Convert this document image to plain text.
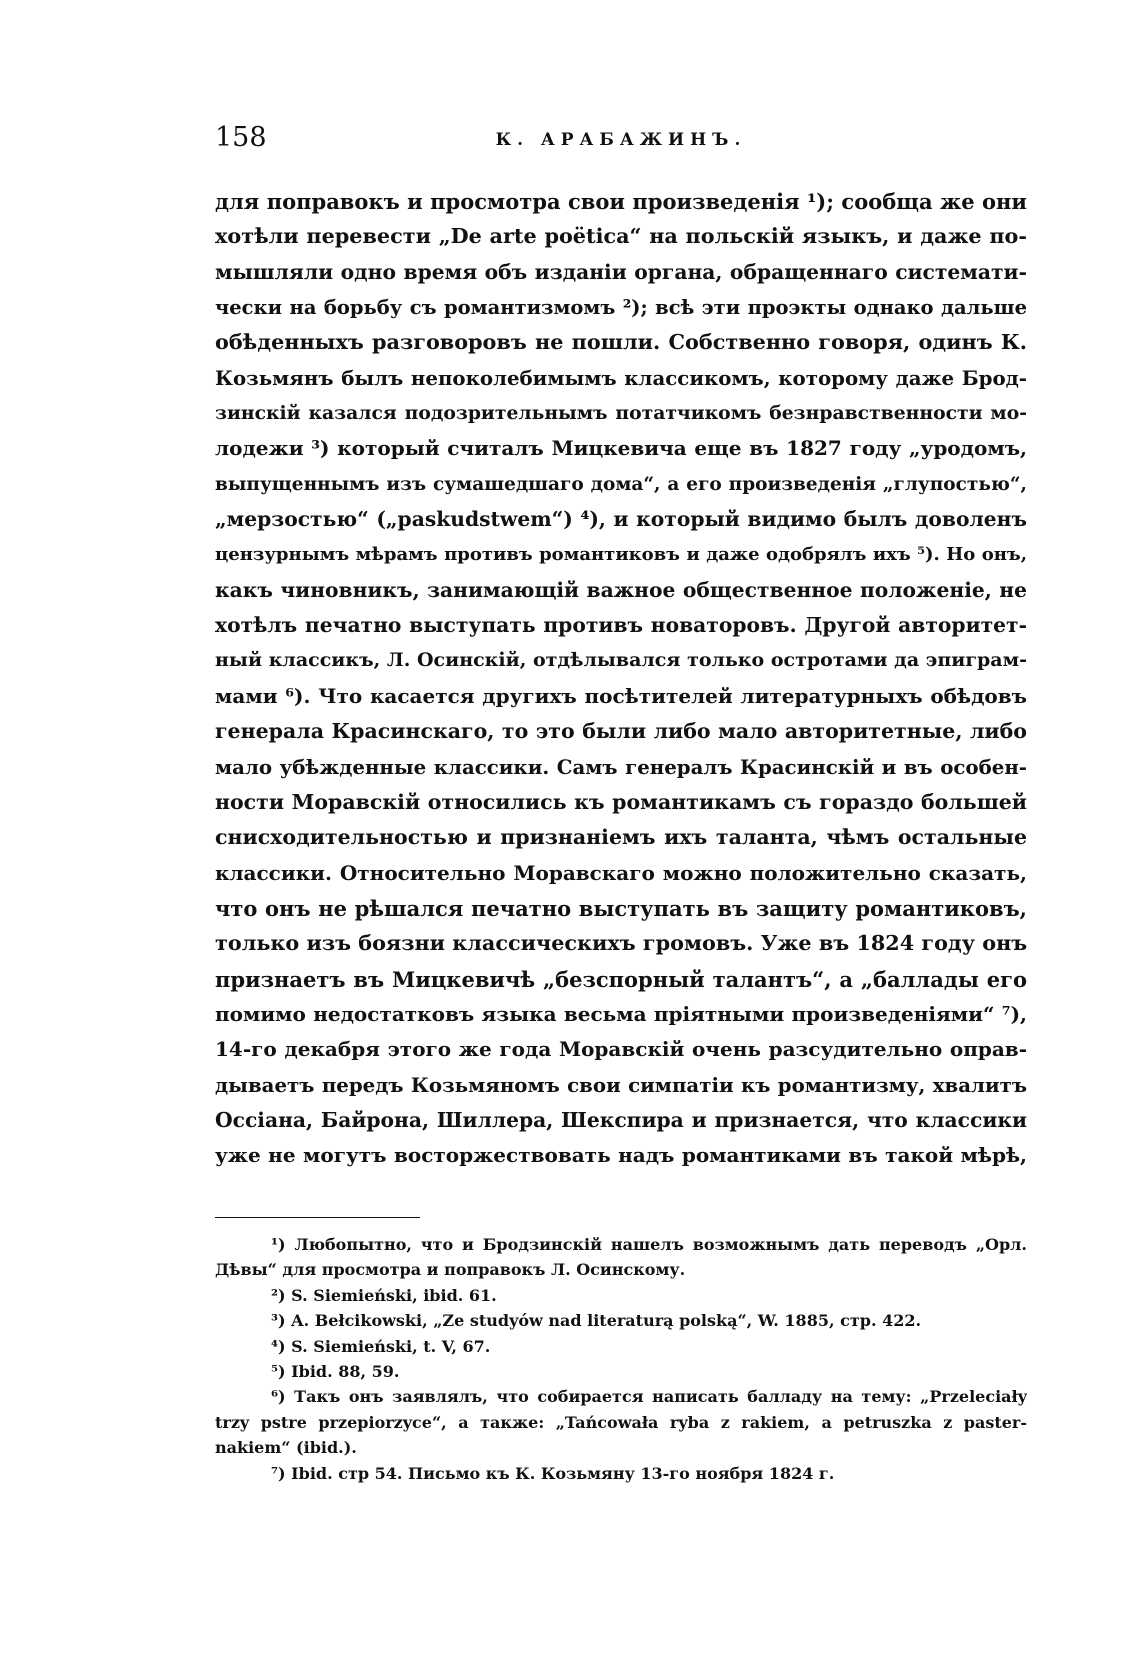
158	К. АРАБАЖИНЪ.
для поправокъ и просмотра свои произведенія ¹); сообща же они
хотѣли перевести „De arte poëtica“ на польскій языкъ, и даже по-
мышляли одно время объ изданіи органа, обращеннаго системати-
чески на борьбу съ романтизмомъ ²); всѣ эти проэкты однако дальше
обѣденныхъ разговоровъ не пошли. Собственно говоря, одинъ К.
Козьмянъ былъ непоколебимымъ классикомъ, которому даже Брод-
зинскій казался подозрительнымъ потатчикомъ безнравственности мо-
лодежи ³) который считалъ Мицкевича еще въ 1827 году „уродомъ,
выпущеннымъ изъ сумашедшаго дома“, а его произведенія „глупостью“,
„мерзостью“ („paskudstwem“) ⁴), и который видимо былъ доволенъ
цензурнымъ мѣрамъ противъ романтиковъ и даже одобрялъ ихъ ⁵). Но онъ,
какъ чиновникъ, занимающій важное общественное положеніе, не
хотѣлъ печатно выступать противъ новаторовъ. Другой авторитет-
ный классикъ, Л. Осинскій, отдѣлывался только остротами да эпиграм-
мами ⁶). Что касается другихъ посѣтителей литературныхъ обѣдовъ
генерала Красинскаго, то это были либо мало авторитетные, либо
мало убѣжденные классики. Самъ генералъ Красинскій и въ особен-
ности Моравскій относились къ романтикамъ съ гораздо большей
снисходительностью и признаніемъ ихъ таланта, чѣмъ остальные
классики. Относительно Моравскаго можно положительно сказать,
что онъ не рѣшался печатно выступать въ защиту романтиковъ,
только изъ боязни классическихъ громовъ. Уже въ 1824 году онъ
признаетъ въ Мицкевичѣ „безспорный талантъ“, а „баллады его
помимо недостатковъ языка весьма пріятными произведеніями“ ⁷),
14-го декабря этого же года Моравскій очень разсудительно оправ-
дываетъ передъ Козьмяномъ свои симпатіи къ романтизму, хвалитъ
Оссіана, Байрона, Шиллера, Шекспира и признается, что классики
уже не могутъ восторжествовать надъ романтиками въ такой мѣрѣ,
¹) Любопытно, что и Бродзинскій нашелъ возможнымъ дать переводъ „Орл.
Дѣвы“ для просмотра и поправокъ Л. Осинскому.
²) S. Siemieński, ibid. 61.
³) A. Bełcikowski, „Ze studyów nad literaturą polską“, W. 1885, стр. 422.
⁴) S. Siemieński, t. V, 67.
⁵) Ibid. 88, 59.
⁶) Такъ онъ заявлялъ, что собирается написать балладу на тему: „Przeleciały
trzy pstre przepiorzyce“, а также: „Tańcowała ryba z rakiem, a petruszka z paster-
nakiem“ (ibid.).
⁷) Ibid. стр 54. Письмо къ К. Козьмяну 13-го ноября 1824 г.
